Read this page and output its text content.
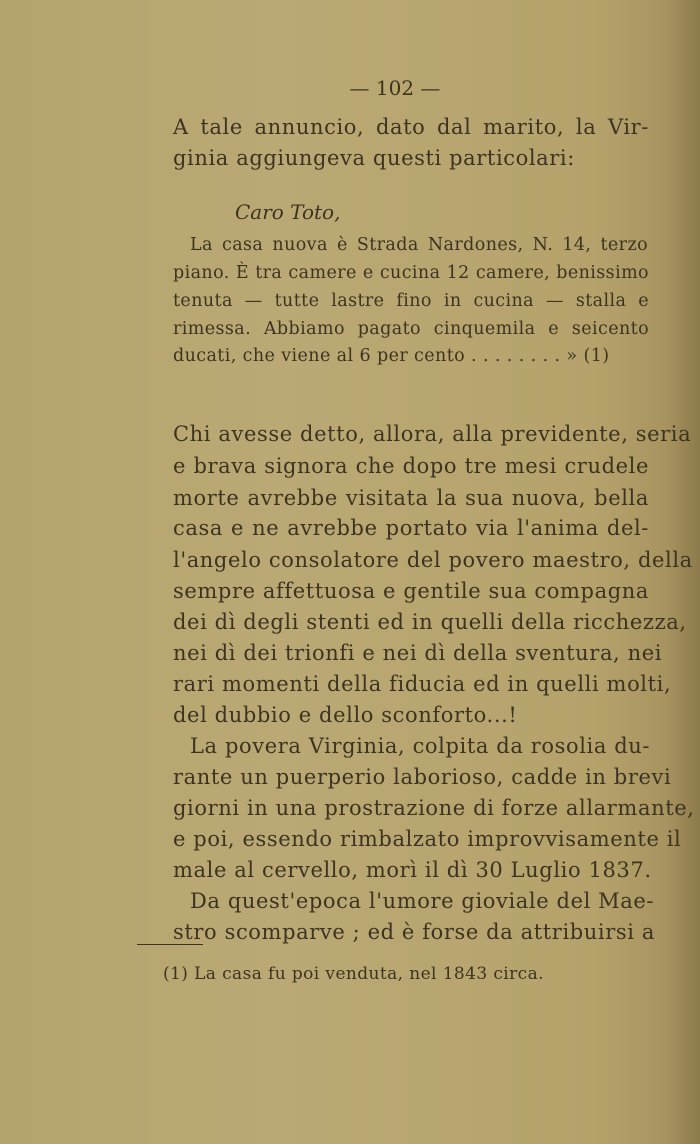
— 102 —
A tale annuncio, dato dal marito, la Vir-
ginia aggiungeva questi particolari:
Caro Toto,
La casa nuova è Strada Nardones, N. 14, terzo
piano. È tra camere e cucina 12 camere, benissimo
tenuta — tutte lastre fino in cucina — stalla e
rimessa. Abbiamo pagato cinquemila e seicento
ducati, che viene al 6 per cento . . . . . . . . » (1)
Chi avesse detto, allora, alla previdente, seria
e brava signora che dopo tre mesi crudele
morte avrebbe visitata la sua nuova, bella
casa e ne avrebbe portato via l'anima del-
l'angelo consolatore del povero maestro, della
sempre affettuosa e gentile sua compagna
dei dì degli stenti ed in quelli della ricchezza,
nei dì dei trionfi e nei dì della sventura, nei
rari momenti della fiducia ed in quelli molti,
del dubbio e dello sconforto...!
La povera Virginia, colpita da rosolia du-
rante un puerperio laborioso, cadde in brevi
giorni in una prostrazione di forze allarmante,
e poi, essendo rimbalzato improvvisamente il
male al cervello, morì il dì 30 Luglio 1837.
Da quest'epoca l'umore gioviale del Mae-
stro scomparve ; ed è forse da attribuirsi a
(1) La casa fu poi venduta, nel 1843 circa.
